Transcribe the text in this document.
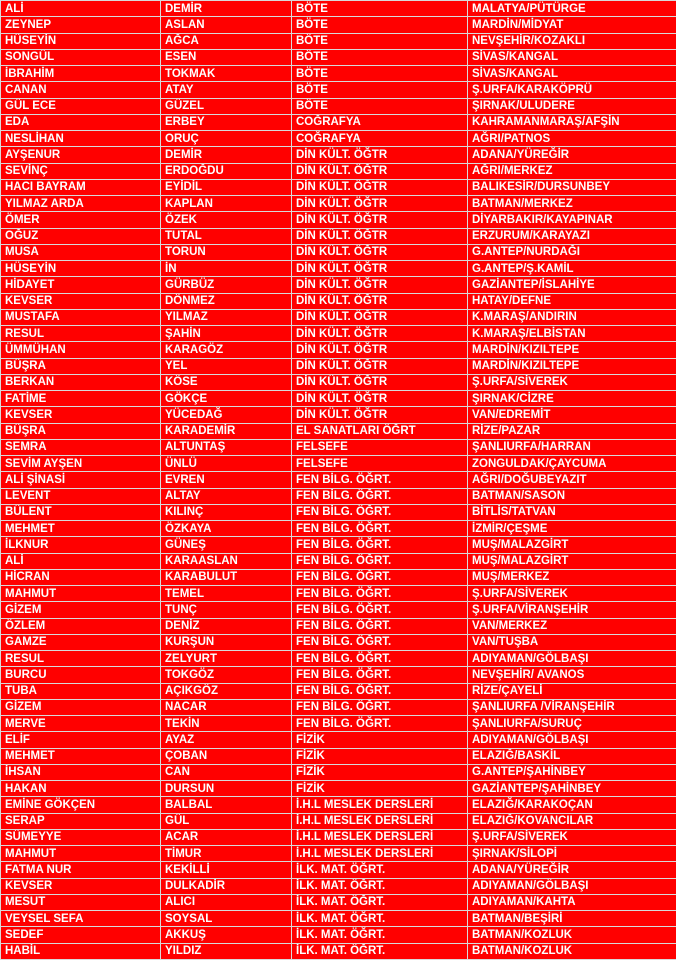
ALİ	DEMİR	BÖTE	MALATYA/PÜTÜRGE
ZEYNEP	ASLAN	BÖTE	MARDİN/MİDYAT
HÜSEYİN	AĞCA	BÖTE	NEVŞEHİR/KOZAKLI
SONGÜL	ESEN	BÖTE	SİVAS/KANGAL
İBRAHİM	TOKMAK	BÖTE	SİVAS/KANGAL
CANAN	ATAY	BÖTE	Ş.URFA/KARAKÖPRÜ
GÜL ECE	GÜZEL	BÖTE	ŞIRNAK/ULUDERE
EDA	ERBEY	COĞRAFYA	KAHRAMANMARAŞ/AFŞİN
NESLİHAN	ORUÇ	COĞRAFYA	AĞRI/PATNOS
AYŞENUR	DEMİR	DİN KÜLT. ÖĞTR	ADANA/YÜREĞİR
SEVİNÇ	ERDOĞDU	DİN KÜLT. ÖĞTR	AĞRI/MERKEZ
HACI BAYRAM	EYİDİL	DİN KÜLT. ÖĞTR	BALIKESİR/DURSUNBEY
YILMAZ ARDA	KAPLAN	DİN KÜLT. ÖĞTR	BATMAN/MERKEZ
ÖMER	ÖZEK	DİN KÜLT. ÖĞTR	DİYARBAKIR/KAYAPINAR
OĞUZ	TUTAL	DİN KÜLT. ÖĞTR	ERZURUM/KARAYAZI
MUSA	TORUN	DİN KÜLT. ÖĞTR	G.ANTEP/NURDAĞI
HÜSEYİN	İN	DİN KÜLT. ÖĞTR	G.ANTEP/Ş.KAMİL
HİDAYET	GÜRBÜZ	DİN KÜLT. ÖĞTR	GAZİANTEP/İSLAHİYE
KEVSER	DÖNMEZ	DİN KÜLT. ÖĞTR	HATAY/DEFNE
MUSTAFA	YILMAZ	DİN KÜLT. ÖĞTR	K.MARAŞ/ANDIRIN
RESUL	ŞAHİN	DİN KÜLT. ÖĞTR	K.MARAŞ/ELBİSTAN
ÜMMÜHAN	KARAGÖZ	DİN KÜLT. ÖĞTR	MARDİN/KIZILTEPE
BÜŞRA	YEL	DİN KÜLT. ÖĞTR	MARDİN/KIZILTEPE
BERKAN	KÖSE	DİN KÜLT. ÖĞTR	Ş.URFA/SİVEREK
FATİME	GÖKÇE	DİN KÜLT. ÖĞTR	ŞIRNAK/CİZRE
KEVSER	YÜCEDAĞ	DİN KÜLT. ÖĞTR	VAN/EDREMİT
BÜŞRA	KARADEMİR	EL SANATLARI ÖĞRT	RİZE/PAZAR
SEMRA	ALTUNTAŞ	FELSEFE	ŞANLIURFA/HARRAN
SEVİM AYŞEN	ÜNLÜ	FELSEFE	ZONGULDAK/ÇAYCUMA
ALİ ŞİNASİ	EVREN	FEN BİLG. ÖĞRT.	AĞRI/DOĞUBEYAZIT
LEVENT	ALTAY	FEN BİLG. ÖĞRT.	BATMAN/SASON
BÜLENT	KILINÇ	FEN BİLG. ÖĞRT.	BİTLİS/TATVAN
MEHMET	ÖZKAYA	FEN BİLG. ÖĞRT.	İZMİR/ÇEŞME
İLKNUR	GÜNEŞ	FEN BİLG. ÖĞRT.	MUŞ/MALAZGİRT
ALİ	KARAASLAN	FEN BİLG. ÖĞRT.	MUŞ/MALAZGİRT
HİCRAN	KARABULUT	FEN BİLG. ÖĞRT.	MUŞ/MERKEZ
MAHMUT	TEMEL	FEN BİLG. ÖĞRT.	Ş.URFA/SİVEREK
GİZEM	TUNÇ	FEN BİLG. ÖĞRT.	Ş.URFA/VİRANŞEHİR
ÖZLEM	DENİZ	FEN BİLG. ÖĞRT.	VAN/MERKEZ
GAMZE	KURŞUN	FEN BİLG. ÖĞRT.	VAN/TUŞBA
RESUL	ZELYURT	FEN BİLG. ÖĞRT.	ADIYAMAN/GÖLBAŞI
BURCU	TOKGÖZ	FEN BİLG. ÖĞRT.	NEVŞEHİR/ AVANOS
TUBA	AÇIKGÖZ	FEN BİLG. ÖĞRT.	RİZE/ÇAYELİ
GİZEM	NACAR	FEN BİLG. ÖĞRT.	ŞANLIURFA /VİRANŞEHİR
MERVE	TEKİN	FEN BİLG. ÖĞRT.	ŞANLIURFA/SURUÇ
ELİF	AYAZ	FİZİK	ADIYAMAN/GÖLBAŞI
MEHMET	ÇOBAN	FİZİK	ELAZIĞ/BASKİL
İHSAN	CAN	FİZİK	G.ANTEP/ŞAHİNBEY
HAKAN	DURSUN	FİZİK	GAZİANTEP/ŞAHİNBEY
EMİNE GÖKÇEN	BALBAL	İ.H.L MESLEK DERSLERİ	ELAZIĞ/KARAKOÇAN
SERAP	GÜL	İ.H.L MESLEK DERSLERİ	ELAZIĞ/KOVANCILAR
SÜMEYYE	ACAR	İ.H.L MESLEK DERSLERİ	Ş.URFA/SİVEREK
MAHMUT	TİMUR	İ.H.L MESLEK DERSLERİ	ŞIRNAK/SİLOPİ
FATMA NUR	KEKİLLİ	İLK. MAT. ÖĞRT.	ADANA/YÜREĞİR
KEVSER	DULKADİR	İLK. MAT. ÖĞRT.	ADIYAMAN/GÖLBAŞI
MESUT	ALICI	İLK. MAT. ÖĞRT.	ADIYAMAN/KAHTA
VEYSEL SEFA	SOYSAL	İLK. MAT. ÖĞRT.	BATMAN/BEŞİRİ
SEDEF	AKKUŞ	İLK. MAT. ÖĞRT.	BATMAN/KOZLUK
HABİL	YILDIZ	İLK. MAT. ÖĞRT.	BATMAN/KOZLUK
